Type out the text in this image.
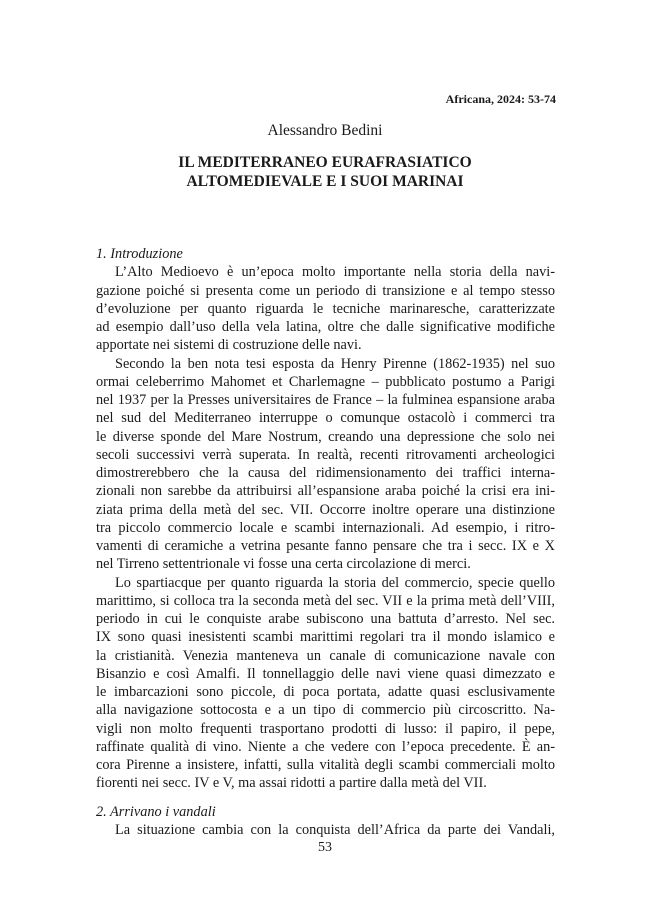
Africana, 2024: 53-74
Alessandro Bedini
IL MEDITERRANEO EURAFRASIATICO
ALTOMEDIEVALE E I SUOI MARINAI
1. Introduzione
L’Alto Medioevo è un’epoca molto importante nella storia della navi-
gazione poiché si presenta come un periodo di transizione e al tempo stesso
d’evoluzione per quanto riguarda le tecniche marinaresche, caratterizzate
ad esempio dall’uso della vela latina, oltre che dalle significative modifiche
apportate nei sistemi di costruzione delle navi.
Secondo la ben nota tesi esposta da Henry Pirenne (1862-1935) nel suo
ormai celeberrimo Mahomet et Charlemagne – pubblicato postumo a Parigi
nel 1937 per la Presses universitaires de France – la fulminea espansione araba
nel sud del Mediterraneo interruppe o comunque ostacolò i commerci tra
le diverse sponde del Mare Nostrum, creando una depressione che solo nei
secoli successivi verrà superata. In realtà, recenti ritrovamenti archeologici
dimostrerebbero che la causa del ridimensionamento dei traffici interna-
zionali non sarebbe da attribuirsi all’espansione araba poiché la crisi era ini-
ziata prima della metà del sec. VII. Occorre inoltre operare una distinzione
tra piccolo commercio locale e scambi internazionali. Ad esempio, i ritro-
vamenti di ceramiche a vetrina pesante fanno pensare che tra i secc. IX e X
nel Tirreno settentrionale vi fosse una certa circolazione di merci.
Lo spartiacque per quanto riguarda la storia del commercio, specie quello
marittimo, si colloca tra la seconda metà del sec. VII e la prima metà dell’VIII,
periodo in cui le conquiste arabe subiscono una battuta d’arresto. Nel sec.
IX sono quasi inesistenti scambi marittimi regolari tra il mondo islamico e
la cristianità. Venezia manteneva un canale di comunicazione navale con
Bisanzio e così Amalfi. Il tonnellaggio delle navi viene quasi dimezzato e
le imbarcazioni sono piccole, di poca portata, adatte quasi esclusivamente
alla navigazione sottocosta e a un tipo di commercio più circoscritto. Na-
vigli non molto frequenti trasportano prodotti di lusso: il papiro, il pepe,
raffinate qualità di vino. Niente a che vedere con l’epoca precedente. È an-
cora Pirenne a insistere, infatti, sulla vitalità degli scambi commerciali molto
fiorenti nei secc. IV e V, ma assai ridotti a partire dalla metà del VII.
2. Arrivano i vandali
La situazione cambia con la conquista dell’Africa da parte dei Vandali,
53
